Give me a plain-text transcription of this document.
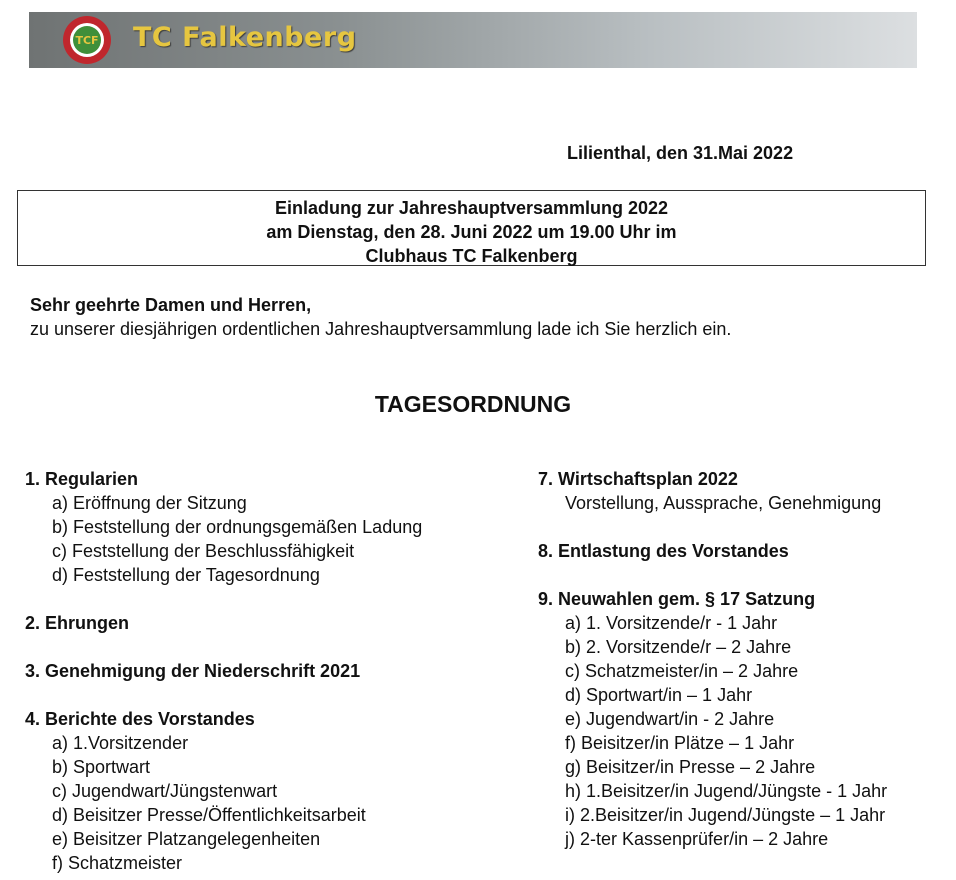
TCF TC Falkenberg
Lilienthal, den 31.Mai 2022
Einladung zur Jahreshauptversammlung 2022
am Dienstag, den 28. Juni 2022 um 19.00 Uhr im
Clubhaus TC Falkenberg
Sehr geehrte Damen und Herren,
zu unserer diesjährigen ordentlichen Jahreshauptversammlung lade ich Sie herzlich ein.
TAGESORDNUNG
1. Regularien
a) Eröffnung der Sitzung
b) Feststellung der ordnungsgemäßen Ladung
c) Feststellung der Beschlussfähigkeit
d) Feststellung der Tagesordnung
2. Ehrungen
3. Genehmigung der Niederschrift 2021
4. Berichte des Vorstandes
a) 1.Vorsitzender
b) Sportwart
c) Jugendwart/Jüngstenwart
d) Beisitzer Presse/Öffentlichkeitsarbeit
e) Beisitzer Platzangelegenheiten
f) Schatzmeister
7. Wirtschaftsplan 2022
Vorstellung, Aussprache, Genehmigung
8. Entlastung des Vorstandes
9. Neuwahlen gem. § 17 Satzung
a) 1. Vorsitzende/r - 1 Jahr
b) 2. Vorsitzende/r – 2 Jahre
c) Schatzmeister/in – 2 Jahre
d) Sportwart/in – 1 Jahr
e) Jugendwart/in - 2 Jahre
f) Beisitzer/in Plätze – 1 Jahr
g) Beisitzer/in Presse – 2 Jahre
h) 1.Beisitzer/in Jugend/Jüngste - 1 Jahr
i) 2.Beisitzer/in Jugend/Jüngste – 1 Jahr
j) 2-ter Kassenprüfer/in – 2 Jahre
